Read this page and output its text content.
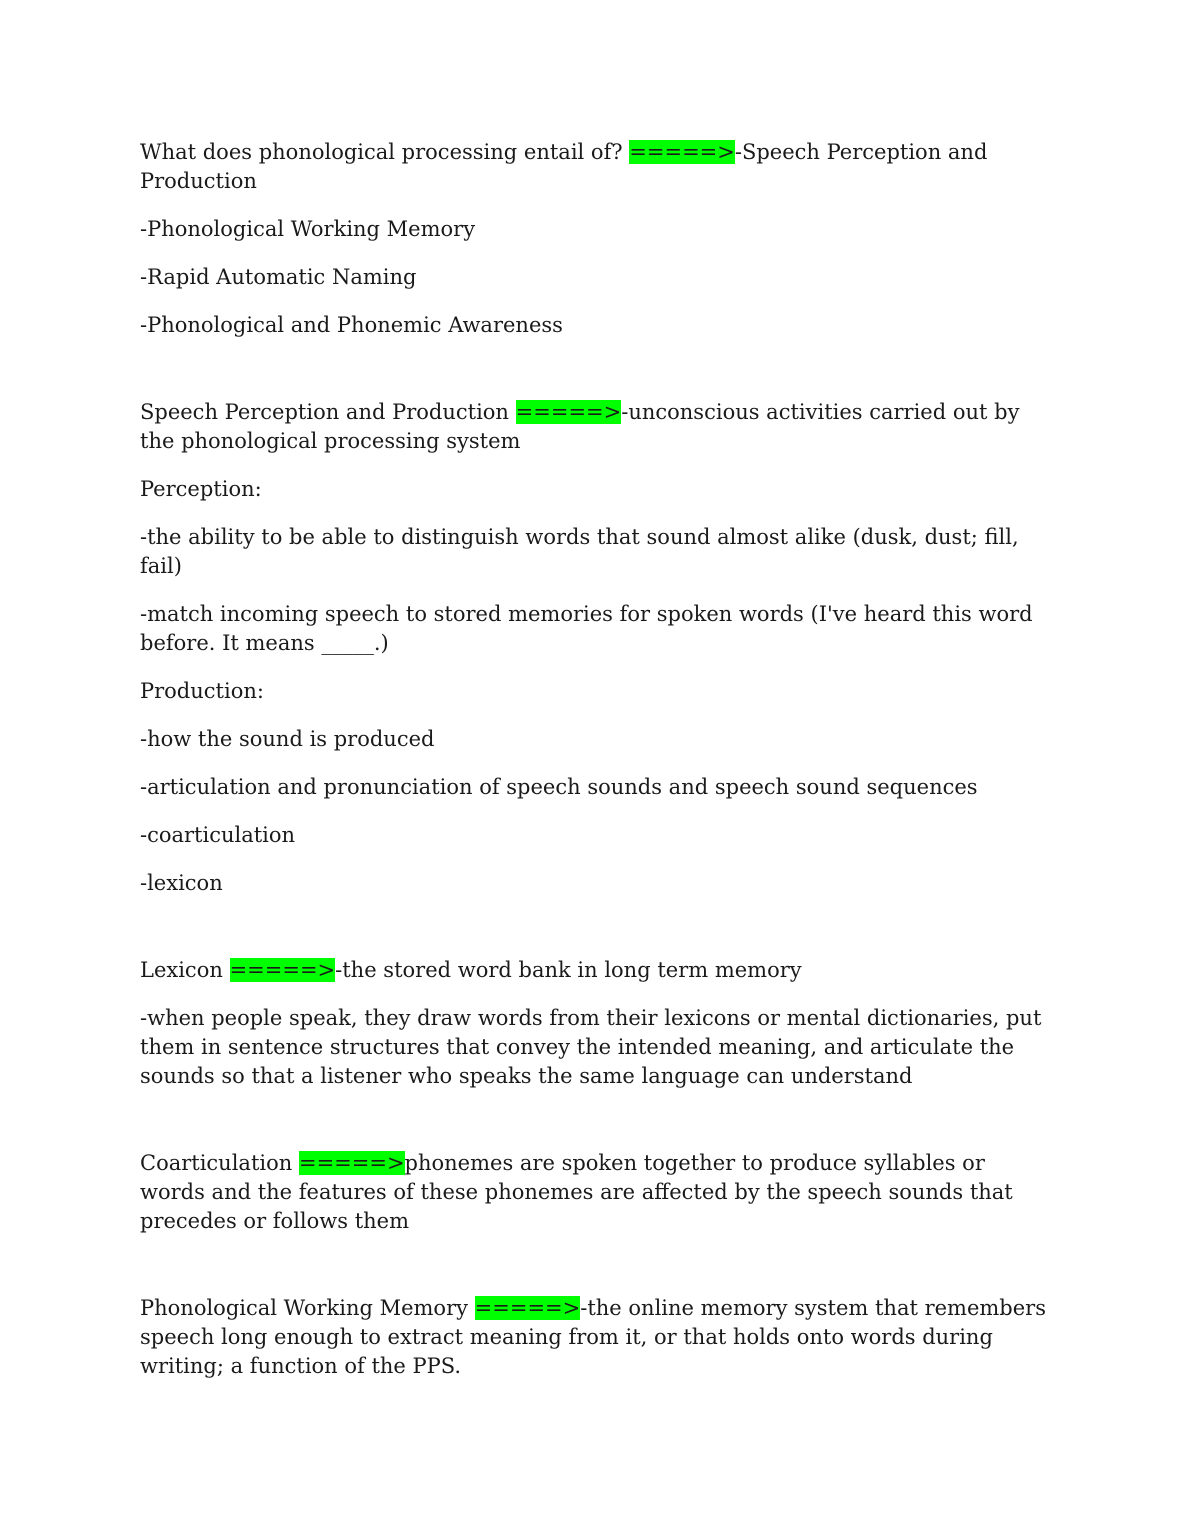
What does phonological processing entail of? =====>-Speech Perception and Production

-Phonological Working Memory

-Rapid Automatic Naming

-Phonological and Phonemic Awareness

Speech Perception and Production =====>-unconscious activities carried out by the phonological processing system

Perception:

-the ability to be able to distinguish words that sound almost alike (dusk, dust; fill, fail)

-match incoming speech to stored memories for spoken words (I've heard this word before. It means _____.)

Production:

-how the sound is produced

-articulation and pronunciation of speech sounds and speech sound sequences

-coarticulation

-lexicon

Lexicon =====>-the stored word bank in long term memory

-when people speak, they draw words from their lexicons or mental dictionaries, put them in sentence structures that convey the intended meaning, and articulate the sounds so that a listener who speaks the same language can understand

Coarticulation =====>phonemes are spoken together to produce syllables or words and the features of these phonemes are affected by the speech sounds that precedes or follows them

Phonological Working Memory =====>-the online memory system that remembers speech long enough to extract meaning from it, or that holds onto words during writing; a function of the PPS.
